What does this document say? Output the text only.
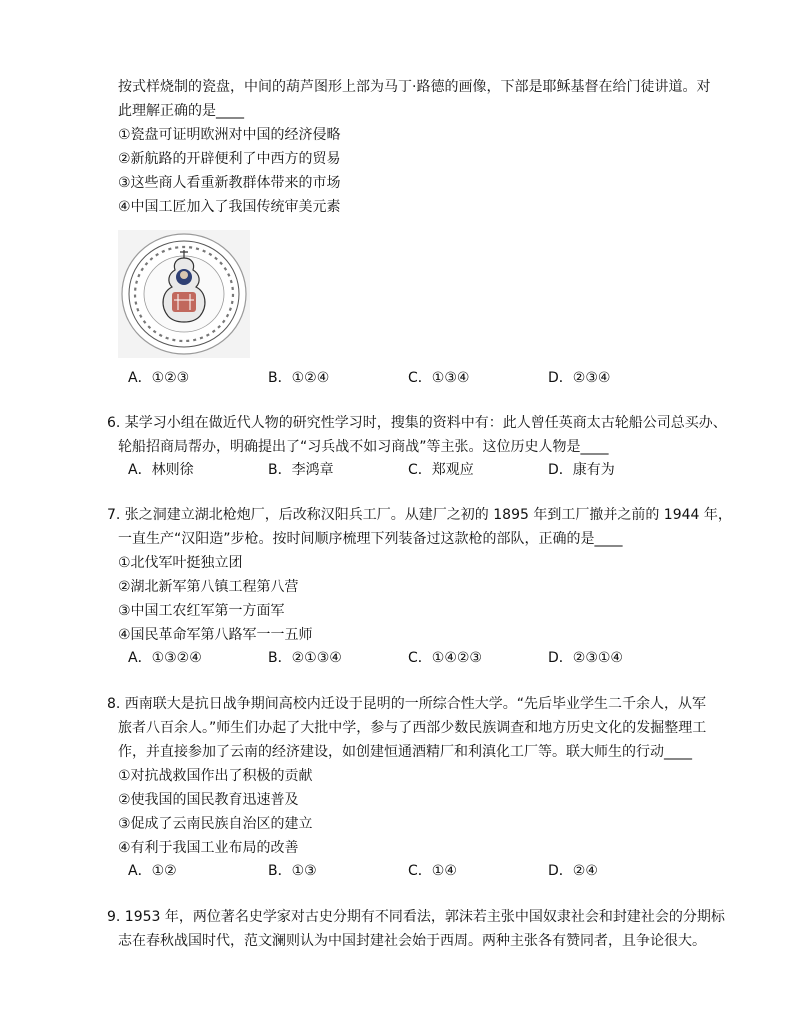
按式样烧制的瓷盘，中间的葫芦图形上部为马丁·路德的画像，下部是耶稣基督在给门徒讲道。对
此理解正确的是____
①瓷盘可证明欧洲对中国的经济侵略
②新航路的开辟便利了中西方的贸易
③这些商人看重新教群体带来的市场
④中国工匠加入了我国传统审美元素
A．①②③	B．①②④	C．①③④	D．②③④
6. 某学习小组在做近代人物的研究性学习时，搜集的资料中有：此人曾任英商太古轮船公司总买办、
轮船招商局帮办，明确提出了“习兵战不如习商战”等主张。这位历史人物是____
A．林则徐	B．李鸿章	C．郑观应	D．康有为
7. 张之洞建立湖北枪炮厂，后改称汉阳兵工厂。从建厂之初的 1895 年到工厂撤并之前的 1944 年，
一直生产“汉阳造”步枪。按时间顺序梳理下列装备过这款枪的部队，正确的是____
①北伐军叶挺独立团
②湖北新军第八镇工程第八营
③中国工农红军第一方面军
④国民革命军第八路军一一五师
A．①③②④	B．②①③④	C．①④②③	D．②③①④
8. 西南联大是抗日战争期间高校内迁设于昆明的一所综合性大学。“先后毕业学生二千余人，从军
旅者八百余人。”师生们办起了大批中学，参与了西部少数民族调查和地方历史文化的发掘整理工
作，并直接参加了云南的经济建设，如创建恒通酒精厂和利滇化工厂等。联大师生的行动____
①对抗战救国作出了积极的贡献
②使我国的国民教育迅速普及
③促成了云南民族自治区的建立
④有利于我国工业布局的改善
A．①②	B．①③	C．①④	D．②④
9. 1953 年，两位著名史学家对古史分期有不同看法，郭沫若主张中国奴隶社会和封建社会的分期标
志在春秋战国时代，范文澜则认为中国封建社会始于西周。两种主张各有赞同者，且争论很大。
